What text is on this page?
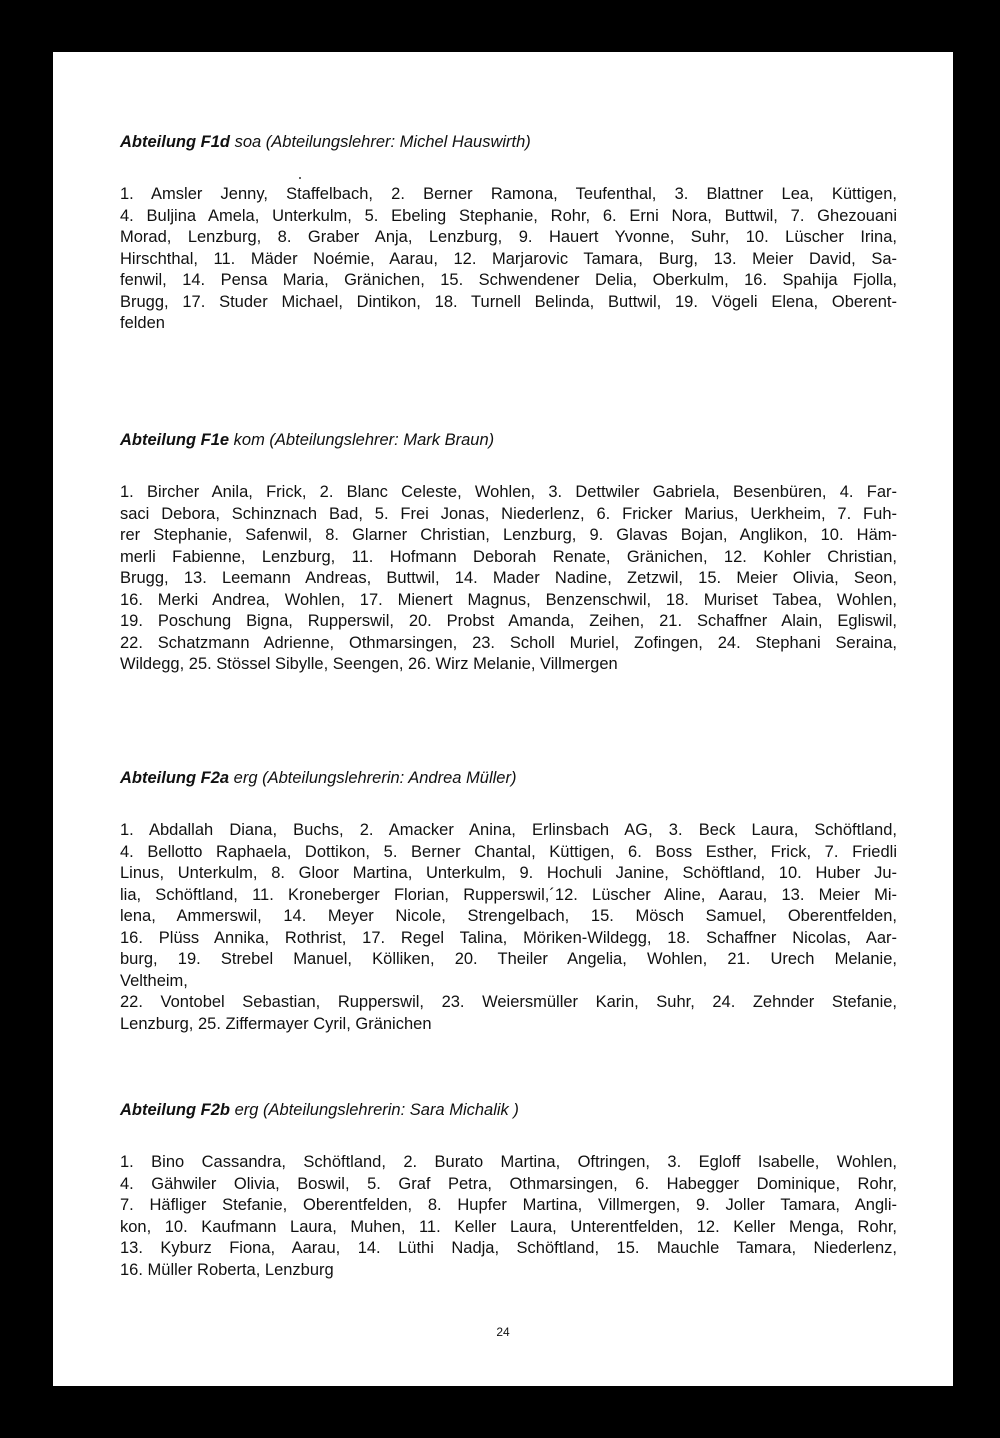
Abteilung F1d soa (Abteilungslehrer: Michel Hauswirth)

1. Amsler Jenny, Staffelbach, 2. Berner Ramona, Teufenthal, 3. Blattner Lea, Küttigen,
4. Buljina Amela, Unterkulm, 5. Ebeling Stephanie, Rohr, 6. Erni Nora, Buttwil, 7. Ghezouani
Morad, Lenzburg, 8. Graber Anja, Lenzburg, 9. Hauert Yvonne, Suhr, 10. Lüscher Irina,
Hirschthal, 11. Mäder Noémie, Aarau, 12. Marjarovic Tamara, Burg, 13. Meier David, Sa-
fenwil, 14. Pensa Maria, Gränichen, 15. Schwendener Delia, Oberkulm, 16. Spahija Fjolla,
Brugg, 17. Studer Michael, Dintikon, 18. Turnell Belinda, Buttwil, 19. Vögeli Elena, Oberent-
felden

Abteilung F1e kom (Abteilungslehrer: Mark Braun)

1. Bircher Anila, Frick, 2. Blanc Celeste, Wohlen, 3. Dettwiler Gabriela, Besenbüren, 4. Far-
saci Debora, Schinznach Bad, 5. Frei Jonas, Niederlenz, 6. Fricker Marius, Uerkheim, 7. Fuh-
rer Stephanie, Safenwil, 8. Glarner Christian, Lenzburg, 9. Glavas Bojan, Anglikon, 10. Häm-
merli Fabienne, Lenzburg, 11. Hofmann Deborah Renate, Gränichen, 12. Kohler Christian,
Brugg, 13. Leemann Andreas, Buttwil, 14. Mader Nadine, Zetzwil, 15. Meier Olivia, Seon,
16. Merki Andrea, Wohlen, 17. Mienert Magnus, Benzenschwil, 18. Muriset Tabea, Wohlen,
19. Poschung Bigna, Rupperswil, 20. Probst Amanda, Zeihen, 21. Schaffner Alain, Egliswil,
22. Schatzmann Adrienne, Othmarsingen, 23. Scholl Muriel, Zofingen, 24. Stephani Seraina,
Wildegg, 25. Stössel Sibylle, Seengen, 26. Wirz Melanie, Villmergen

Abteilung F2a erg (Abteilungslehrerin: Andrea Müller)

1. Abdallah Diana, Buchs, 2. Amacker Anina, Erlinsbach AG, 3. Beck Laura, Schöftland,
4. Bellotto Raphaela, Dottikon, 5. Berner Chantal, Küttigen, 6. Boss Esther, Frick, 7. Friedli
Linus, Unterkulm, 8. Gloor Martina, Unterkulm, 9. Hochuli Janine, Schöftland, 10. Huber Ju-
lia, Schöftland, 11. Kroneberger Florian, Rupperswil,´12. Lüscher Aline, Aarau, 13. Meier Mi-
lena, Ammerswil, 14. Meyer Nicole, Strengelbach, 15. Mösch Samuel, Oberentfelden,
16. Plüss Annika, Rothrist, 17. Regel Talina, Möriken-Wildegg, 18. Schaffner Nicolas, Aar-
burg, 19. Strebel Manuel, Kölliken, 20. Theiler Angelia, Wohlen, 21. Urech Melanie,
Veltheim,
22. Vontobel Sebastian, Rupperswil, 23. Weiersmüller Karin, Suhr, 24. Zehnder Stefanie,
Lenzburg, 25. Ziffermayer Cyril, Gränichen

Abteilung F2b erg (Abteilungslehrerin: Sara Michalik )

1. Bino Cassandra, Schöftland, 2. Burato Martina, Oftringen, 3. Egloff Isabelle, Wohlen,
4. Gähwiler Olivia, Boswil, 5. Graf Petra, Othmarsingen, 6. Habegger Dominique, Rohr,
7. Häfliger Stefanie, Oberentfelden, 8. Hupfer Martina, Villmergen, 9. Joller Tamara, Angli-
kon, 10. Kaufmann Laura, Muhen, 11. Keller Laura, Unterentfelden, 12. Keller Menga, Rohr,
13. Kyburz Fiona, Aarau, 14. Lüthi Nadja, Schöftland, 15. Mauchle Tamara, Niederlenz,
16. Müller Roberta, Lenzburg
24
